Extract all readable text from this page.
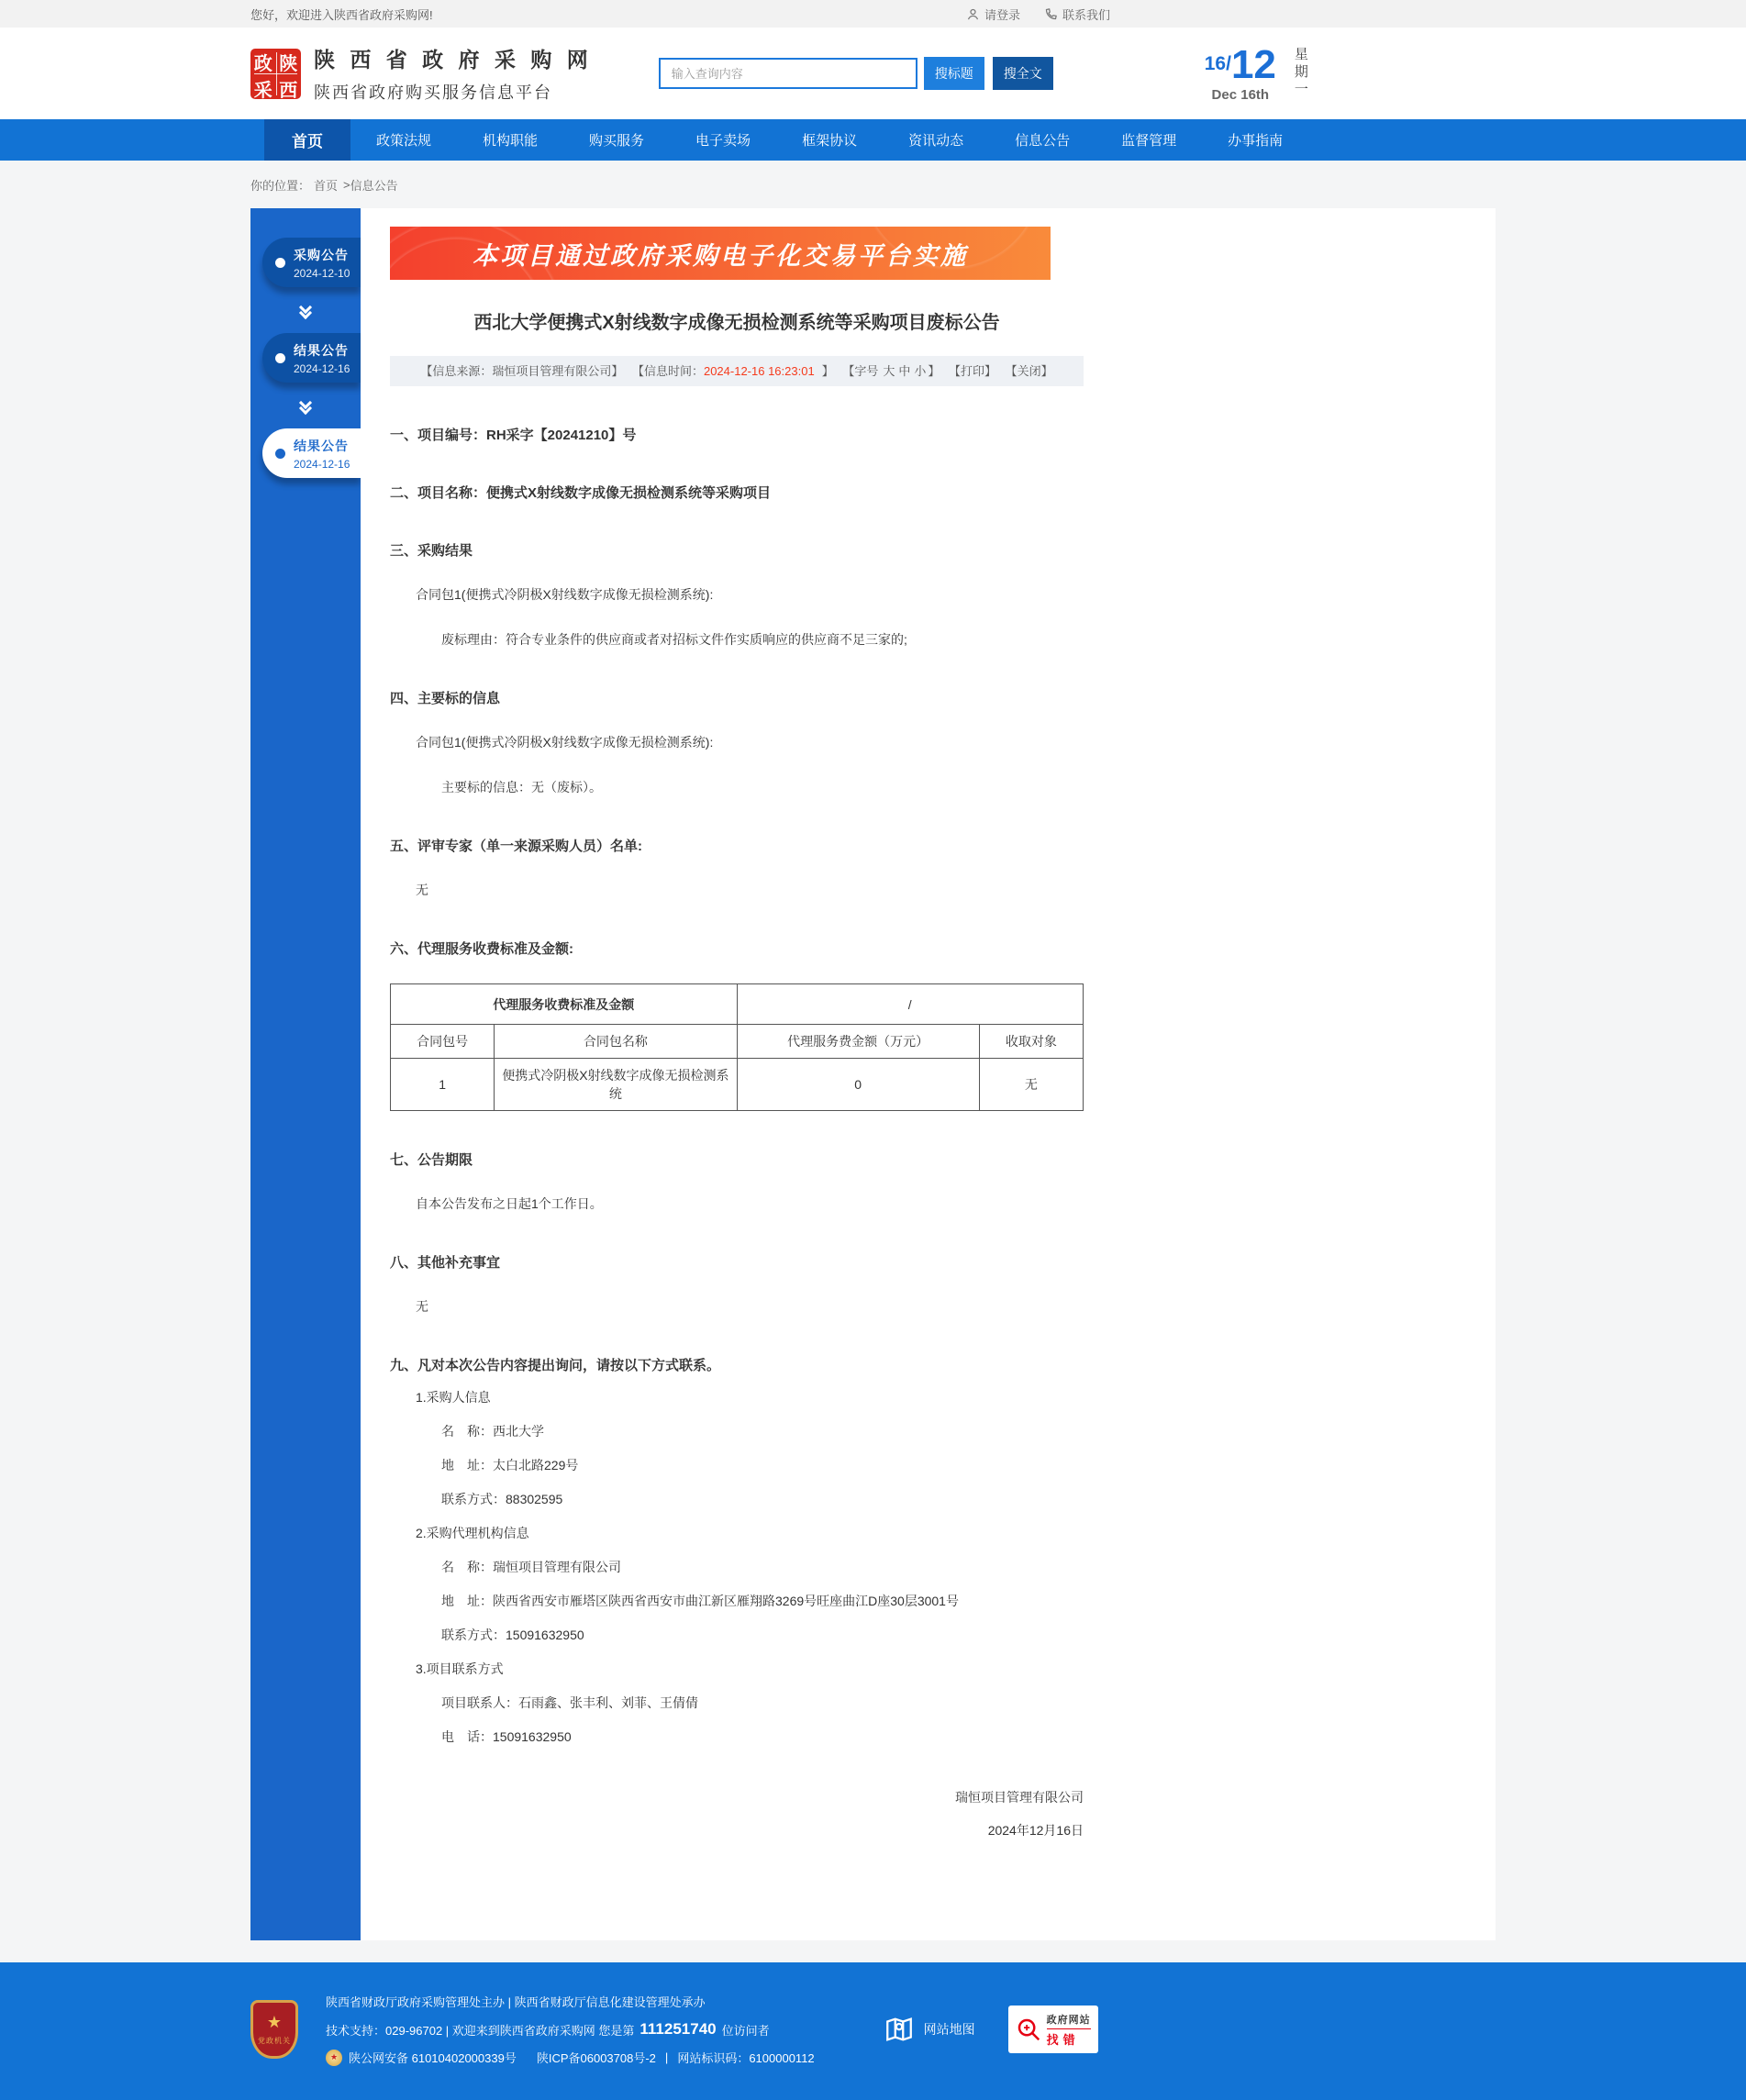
您好，欢迎进入陕西省政府采购网!	请登录	联系我们
政 陕
采 西
陕 西 省 政 府 采 购 网
陕西省政府购买服务信息平台
输入查询内容
搜标题	搜全文	16/ 12
Dec 16th	星期一
首页	政策法规	机构职能	购买服务	电子卖场	框架协议	资讯动态	信息公告	监督管理	办事指南
你的位置： 首页 > 信息公告
采购公告
2024-12-10
结果公告
2024-12-16
结果公告
2024-12-16
本项目通过政府采购电子化交易平台实施
西北大学便携式X射线数字成像无损检测系统等采购项目废标公告
【信息来源：瑞恒项目管理有限公司】 【信息时间：2024-12-16 16:23:01 】 【字号 大 中 小 】 【打印】 【关闭】
一、项目编号：RH采字【20241210】号
二、项目名称：便携式X射线数字成像无损检测系统等采购项目
三、采购结果
合同包1(便携式冷阴极X射线数字成像无损检测系统):
废标理由：符合专业条件的供应商或者对招标文件作实质响应的供应商不足三家的;
四、主要标的信息
合同包1(便携式冷阴极X射线数字成像无损检测系统):
主要标的信息：无（废标）。
五、评审专家（单一来源采购人员）名单:
无
六、代理服务收费标准及金额:
代理服务收费标准及金额		/	
合同包号	合同包名称	代理服务费金额（万元）	收取对象
1	便携式冷阴极X射线数字成像无损检测系统	0	无
七、公告期限
自本公告发布之日起1个工作日。
八、其他补充事宜
无
九、凡对本次公告内容提出询问，请按以下方式联系。
1.采购人信息
名　称：西北大学
地　址：太白北路229号
联系方式：88302595
2.采购代理机构信息
名　称：瑞恒项目管理有限公司
地　址：陕西省西安市雁塔区陕西省西安市曲江新区雁翔路3269号旺座曲江D座30层3001号
联系方式：15091632950
3.项目联系方式
项目联系人：石雨鑫、张丰利、刘菲、王倩倩
电　话：15091632950
瑞恒项目管理有限公司
2024年12月16日
★
党政机关
陕西省财政厅政府采购管理处主办 | 陕西省财政厅信息化建设管理处承办
技术支持：029-96702 | 欢迎来到陕西省政府采购网 您是第 111251740 位访问者
★ 陕公网安备 61010402000339号 陕ICP备06003708号-2 | 网站标识码：6100000112
网站地图
政府网站
找错
